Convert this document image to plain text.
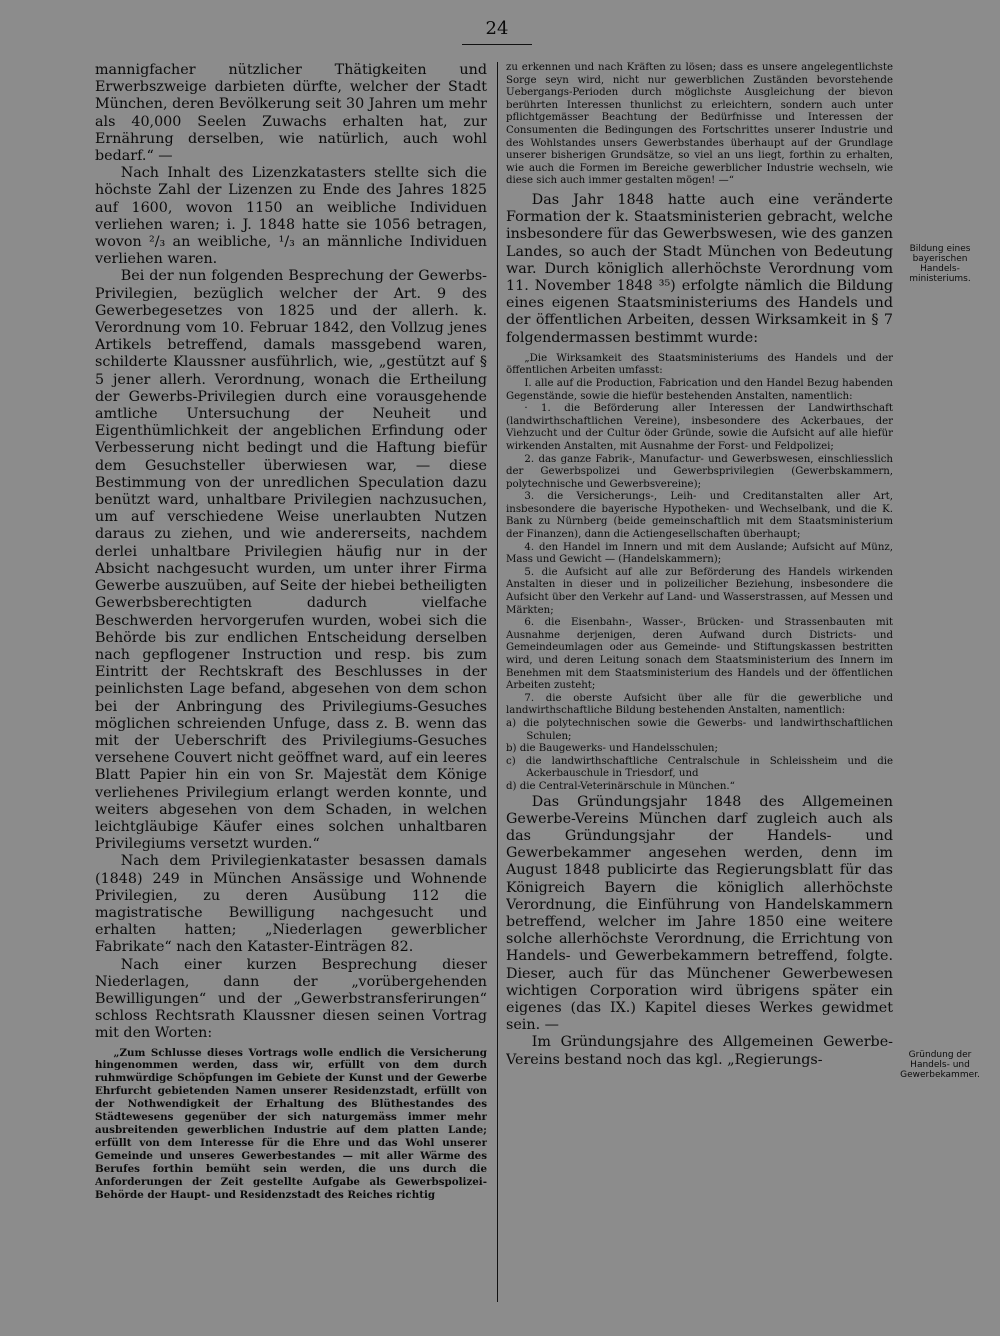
24

mannigfacher nützlicher Thätigkeiten und Erwerbszweige darbieten dürfte, welcher der Stadt München, deren Bevölkerung seit 30 Jahren um mehr als 40,000 Seelen Zuwachs erhalten hat, zur Ernährung derselben, wie natürlich, auch wohl bedarf.“ —

Nach Inhalt des Lizenzkatasters stellte sich die höchste Zahl der Lizenzen zu Ende des Jahres 1825 auf 1600, wovon 1150 an weibliche Individuen verliehen waren; i. J. 1848 hatte sie 1056 betragen, wovon ²/₃ an weibliche, ¹/₃ an männliche Individuen verliehen waren.

Bei der nun folgenden Besprechung der Gewerbs-Privilegien, bezüglich welcher der Art. 9 des Gewerbegesetzes von 1825 und der allerh. k. Verordnung vom 10. Februar 1842, den Vollzug jenes Artikels betreffend, damals massgebend waren, schilderte Klaussner ausführlich, wie, „gestützt auf § 5 jener allerh. Verordnung, wonach die Ertheilung der Gewerbs-Privilegien durch eine vorausgehende amtliche Untersuchung der Neuheit und Eigenthümlichkeit der angeblichen Erfindung oder Verbesserung nicht bedingt und die Haftung biefür dem Gesuchsteller überwiesen war, — diese Bestimmung von der unredlichen Speculation dazu benützt ward, unhaltbare Privilegien nachzusuchen, um auf verschiedene Weise unerlaubten Nutzen daraus zu ziehen, und wie andererseits, nachdem derlei unhaltbare Privilegien häufig nur in der Absicht nachgesucht wurden, um unter ihrer Firma Gewerbe auszuüben, auf Seite der hiebei betheiligten Gewerbsberechtigten dadurch vielfache Beschwerden hervorgerufen wurden, wobei sich die Behörde bis zur endlichen Entscheidung derselben nach gepflogener Instruction und resp. bis zum Eintritt der Rechtskraft des Beschlusses in der peinlichsten Lage befand, abgesehen von dem schon bei der Anbringung des Privilegiums-Gesuches möglichen schreienden Unfuge, dass z. B. wenn das mit der Ueberschrift des Privilegiums-Gesuches versehene Couvert nicht geöffnet ward, auf ein leeres Blatt Papier hin ein von Sr. Majestät dem Könige verliehenes Privilegium erlangt werden konnte, und weiters abgesehen von dem Schaden, in welchen leichtgläubige Käufer eines solchen unhaltbaren Privilegiums versetzt wurden.“

Nach dem Privilegienkataster besassen damals (1848) 249 in München Ansässige und Wohnende Privilegien, zu deren Ausübung 112 die magistratische Bewilligung nachgesucht und erhalten hatten; „Niederlagen gewerblicher Fabrikate“ nach den Kataster-Einträgen 82.

Nach einer kurzen Besprechung dieser Niederlagen, dann der „vorübergehenden Bewilligungen“ und der „Gewerbstransferirungen“ schloss Rechtsrath Klaussner diesen seinen Vortrag mit den Worten:

„Zum Schlusse dieses Vortrags wolle endlich die Versicherung hingenommen werden, dass wir, erfüllt von dem durch ruhmwürdige Schöpfungen im Gebiete der Kunst und der Gewerbe Ehrfurcht gebietenden Namen unserer Residenzstadt, erfüllt von der Nothwendigkeit der Erhaltung des Blüthestandes des Städtewesens gegenüber der sich naturgemäss immer mehr ausbreitenden gewerblichen Industrie auf dem platten Lande; erfüllt von dem Interesse für die Ehre und das Wohl unserer Gemeinde und unseres Gewerbestandes — mit aller Wärme des Berufes forthin bemüht sein werden, die uns durch die Anforderungen der Zeit gestellte Aufgabe als Gewerbspolizei-Behörde der Haupt- und Residenzstadt des Reiches richtig

zu erkennen und nach Kräften zu lösen; dass es unsere angelegentlichste Sorge seyn wird, nicht nur gewerblichen Zuständen bevorstehende Uebergangs-Perioden durch möglichste Ausgleichung der bievon berührten Interessen thunlichst zu erleichtern, sondern auch unter pflichtgemässer Beachtung der Bedürfnisse und Interessen der Consumenten die Bedingungen des Fortschrittes unserer Industrie und des Wohlstandes unsers Gewerbstandes überhaupt auf der Grundlage unserer bisherigen Grundsätze, so viel an uns liegt, forthin zu erhalten, wie auch die Formen im Bereiche gewerblicher Industrie wechseln, wie diese sich auch immer gestalten mögen! —“

Das Jahr 1848 hatte auch eine veränderte Formation der k. Staatsministerien gebracht, welche insbesondere für das Gewerbswesen, wie des ganzen Landes, so auch der Stadt München von Bedeutung war. Durch königlich allerhöchste Verordnung vom 11. November 1848 ³⁵) erfolgte nämlich die Bildung eines eigenen Staatsministeriums des Handels und der öffentlichen Arbeiten, dessen Wirksamkeit in § 7 folgendermassen bestimmt wurde:

„Die Wirksamkeit des Staatsministeriums des Handels und der öffentlichen Arbeiten umfasst:

I. alle auf die Production, Fabrication und den Handel Bezug habenden Gegenstände, sowie die hiefür bestehenden Anstalten, namentlich:

· 1. die Beförderung aller Interessen der Landwirthschaft (landwirthschaftlichen Vereine), insbesondere des Ackerbaues, der Viehzucht und der Cultur öder Gründe, sowie die Aufsicht auf alle hiefür wirkenden Anstalten, mit Ausnahme der Forst- und Feldpolizei;

2. das ganze Fabrik-, Manufactur- und Gewerbswesen, einschliesslich der Gewerbspolizei und Gewerbsprivilegien (Gewerbskammern, polytechnische und Gewerbsvereine);

3. die Versicherungs-, Leih- und Creditanstalten aller Art, insbesondere die bayerische Hypotheken- und Wechselbank, und die K. Bank zu Nürnberg (beide gemeinschaftlich mit dem Staatsministerium der Finanzen), dann die Actiengesellschaften überhaupt;

4. den Handel im Innern und mit dem Auslande; Aufsicht auf Münz, Mass und Gewicht — (Handelskammern);

5. die Aufsicht auf alle zur Beförderung des Handels wirkenden Anstalten in dieser und in polizeilicher Beziehung, insbesondere die Aufsicht über den Verkehr auf Land- und Wasserstrassen, auf Messen und Märkten;

6. die Eisenbahn-, Wasser-, Brücken- und Strassenbauten mit Ausnahme derjenigen, deren Aufwand durch Districts- und Gemeindeumlagen oder aus Gemeinde- und Stiftungskassen bestritten wird, und deren Leitung sonach dem Staatsministerium des Innern im Benehmen mit dem Staatsministerium des Handels und der öffentlichen Arbeiten zusteht;

7. die oberste Aufsicht über alle für die gewerbliche und landwirthschaftliche Bildung bestehenden Anstalten, namentlich:

a) die polytechnischen sowie die Gewerbs- und landwirthschaftlichen Schulen;
b) die Baugewerks- und Handelsschulen;
c) die landwirthschaftliche Centralschule in Schleissheim und die Ackerbauschule in Triesdorf, und
d) die Central-Veterinärschule in München.“

Das Gründungsjahr 1848 des Allgemeinen Gewerbe-Vereins München darf zugleich auch als das Gründungsjahr der Handels- und Gewerbekammer angesehen werden, denn im August 1848 publicirte das Regierungsblatt für das Königreich Bayern die königlich allerhöchste Verordnung, die Einführung von Handelskammern betreffend, welcher im Jahre 1850 eine weitere solche allerhöchste Verordnung, die Errichtung von Handels- und Gewerbekammern betreffend, folgte. Dieser, auch für das Münchener Gewerbewesen wichtigen Corporation wird übrigens später ein eigenes (das IX.) Kapitel dieses Werkes gewidmet sein. —

Im Gründungsjahre des Allgemeinen Gewerbe-Vereins bestand noch das kgl. „Regierungs-

Bildung eines bayerischen Handels-ministeriums.
Gründung der Handels- und Gewerbekammer.
